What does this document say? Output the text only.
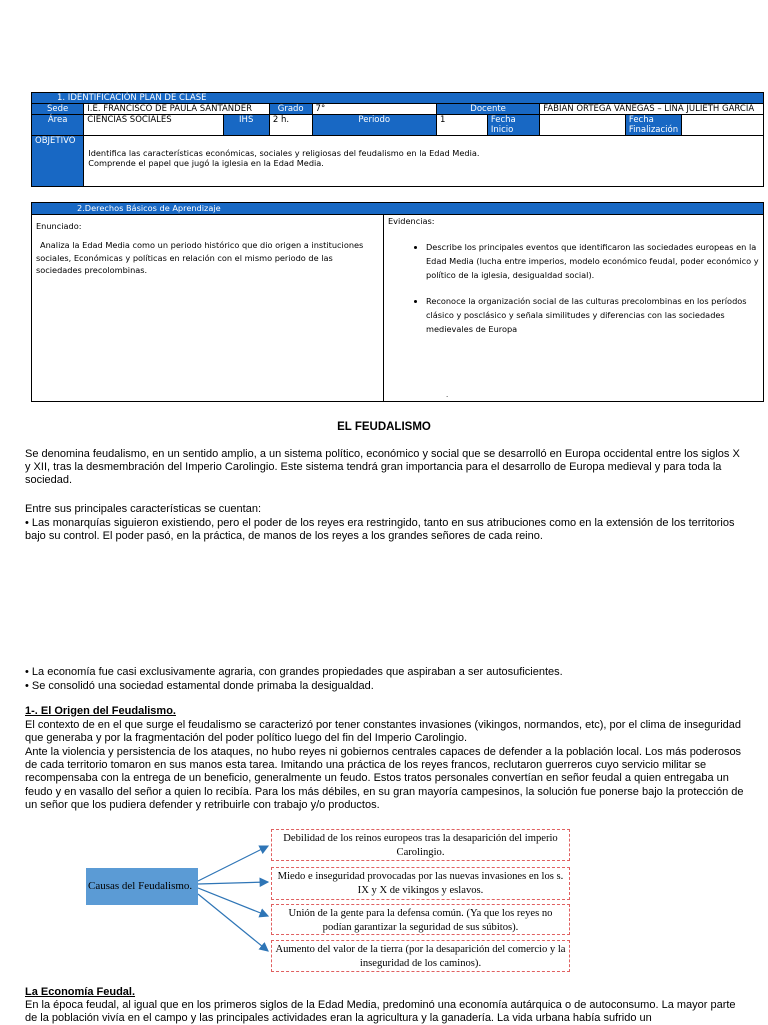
1. IDENTIFICACIÓN PLAN DE CLASE									
Sede	I.E. FRANCISCO DE PAULA SANTANDER		Grado	7°	Docente		FABIAN ORTEGA VANEGAS – LINA JULIETH GARCIA		
Área	CIENCIAS SOCIALES	IHS	2 h.	Periodo	1	Fecha Inicio		Fecha Finalización	
OBJETIVO	Identifica las características económicas, sociales y religiosas del feudalismo en la Edad Media.
Comprende el papel que jugó la iglesia en la Edad Media.								
2.Derechos Básicos de Aprendizaje

Enunciado:
Analiza la Edad Media como un periodo histórico que dio origen a instituciones sociales, Económicas y políticas en relación con el mismo periodo de las sociedades precolombinas.

Evidencias:
• Describe los principales eventos que identificaron las sociedades europeas en la Edad Media (lucha entre imperios, modelo económico feudal, poder económico y político de la iglesia, desigualdad social).
• Reconoce la organización social de las culturas precolombinas en los períodos clásico y posclásico y señala similitudes y diferencias con las sociedades medievales de Europa
.
EL FEUDALISMO
Se denomina feudalismo, en un sentido amplio, a un sistema político, económico y social que se desarrolló en Europa occidental entre los siglos X y XII, tras la desmembración del Imperio Carolingio. Este sistema tendrá gran importancia para el desarrollo de Europa medieval y para toda la sociedad.
Entre sus principales características se cuentan:
• Las monarquías siguieron existiendo, pero el poder de los reyes era restringido, tanto en sus atribuciones como en la extensión de los territorios bajo su control. El poder pasó, en la práctica, de manos de los reyes a los grandes señores de cada reino.
• La economía fue casi exclusivamente agraria, con grandes propiedades que aspiraban a ser autosuficientes.
• Se consolidó una sociedad estamental donde primaba la desigualdad.
1-. El Origen del Feudalismo.
El contexto de en el que surge el feudalismo se caracterizó por tener constantes invasiones (vikingos, normandos, etc), por el clima de inseguridad que generaba y por la fragmentación del poder político luego del fin del Imperio Carolingio.
Ante la violencia y persistencia de los ataques, no hubo reyes ni gobiernos centrales capaces de defender a la población local. Los más poderosos de cada territorio tomaron en sus manos esta tarea. Imitando una práctica de los reyes francos, reclutaron guerreros cuyo servicio militar se recompensaba con la entrega de un beneficio, generalmente un feudo. Estos tratos personales convertían en señor feudal a quien entregaba un feudo y en vasallo del señor a quien lo recibía. Para los más débiles, en su gran mayoría campesinos, la solución fue ponerse bajo la protección de un señor que los pudiera defender y retribuirle con trabajo y/o productos.
Causas del Feudalismo.
Debilidad de los reinos europeos tras la desaparición del imperio Carolingio.
Miedo e inseguridad provocadas por las nuevas invasiones en los s. IX y X de vikingos y eslavos.
Unión de la gente para la defensa común. (Ya que los reyes no podían garantizar la seguridad de sus súbitos).
Aumento del valor de la tierra (por la desaparición del comercio y la inseguridad de los caminos).
La Economía Feudal.
En la época feudal, al igual que en los primeros siglos de la Edad Media, predominó una economía autárquica o de autoconsumo. La mayor parte de la población vivía en el campo y las principales actividades eran la agricultura y la ganadería. La vida urbana había sufrido un
